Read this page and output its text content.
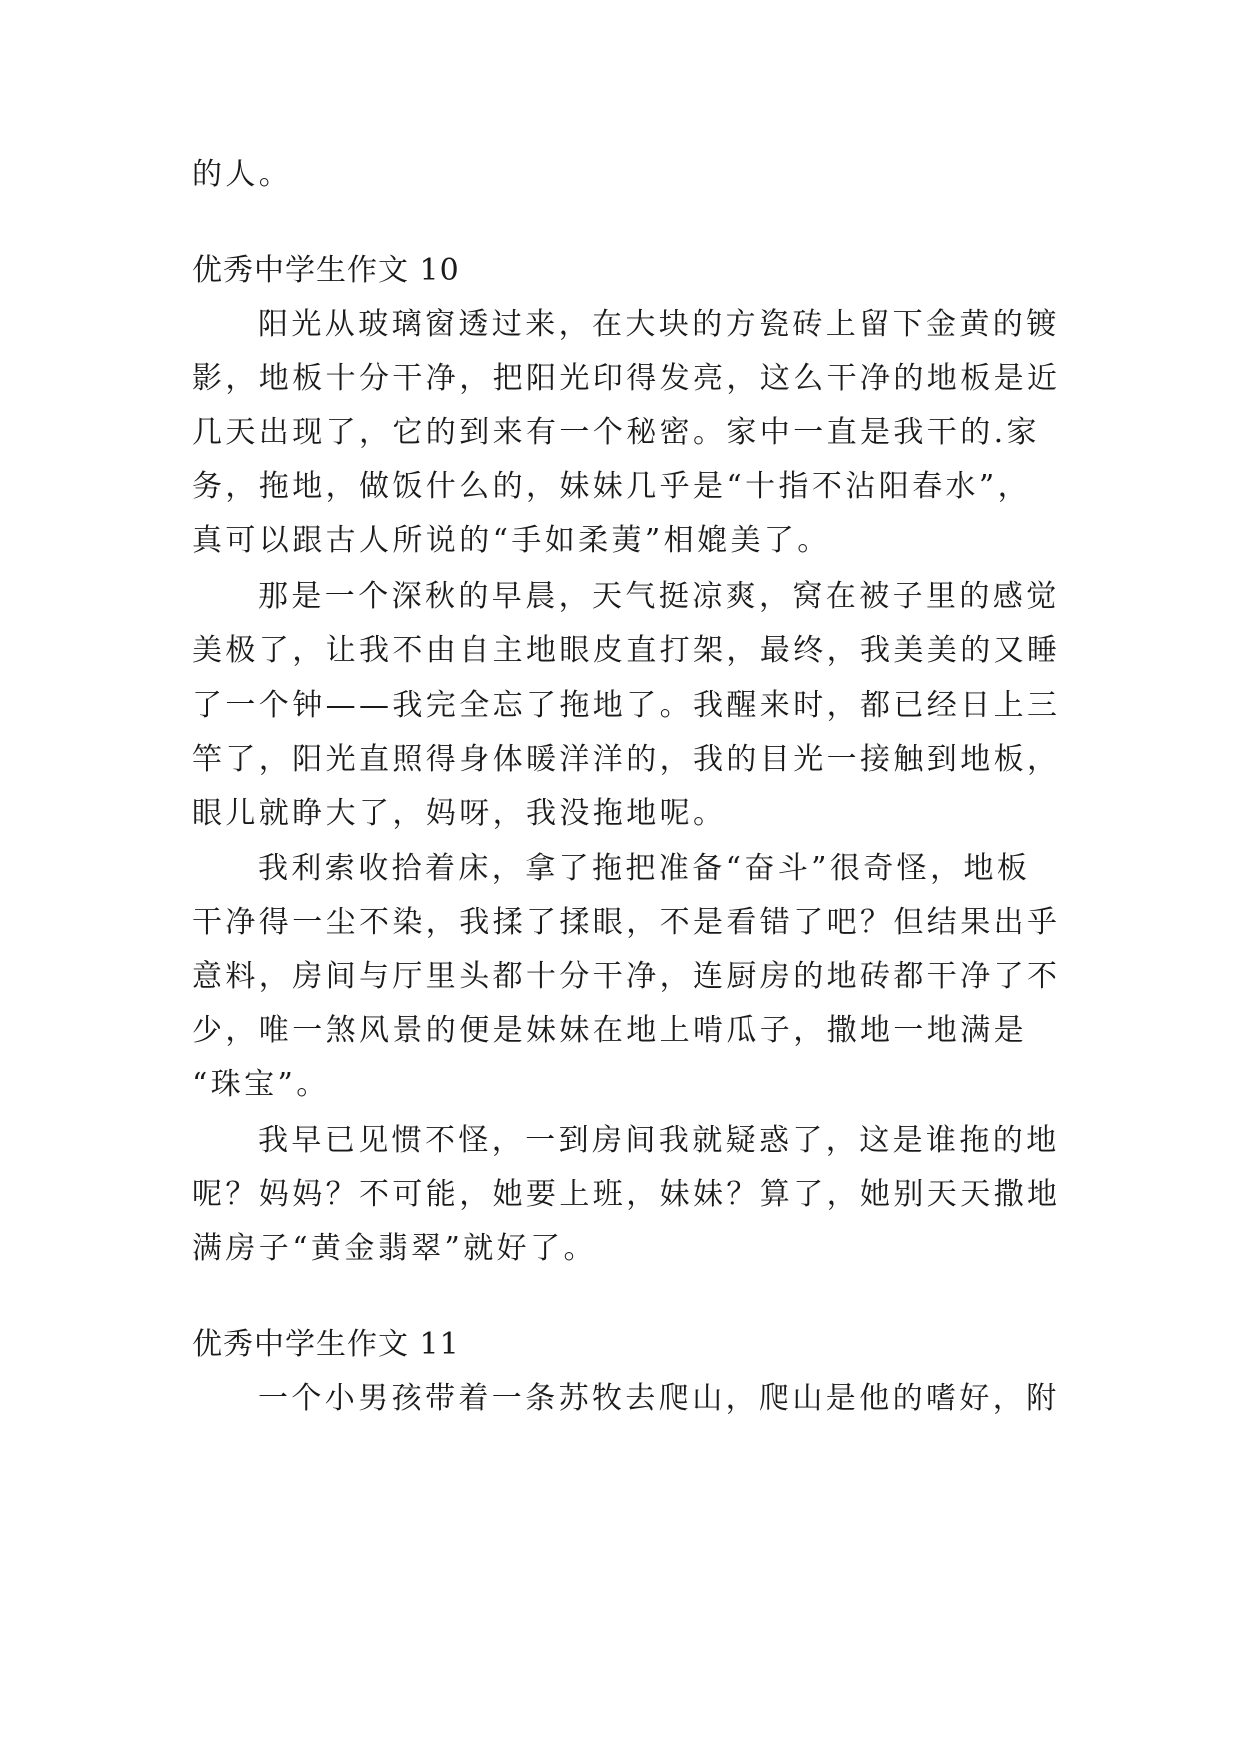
的人。
优秀中学生作文 10
阳光从玻璃窗透过来，在大块的方瓷砖上留下金黄的镀
影，地板十分干净，把阳光印得发亮，这么干净的地板是近
几天出现了，它的到来有一个秘密。家中一直是我干的.家
务，拖地，做饭什么的，妹妹几乎是“十指不沾阳春水”，
真可以跟古人所说的“手如柔荑”相媲美了。
那是一个深秋的早晨，天气挺凉爽，窝在被子里的感觉
美极了，让我不由自主地眼皮直打架，最终，我美美的又睡
了一个钟——我完全忘了拖地了。我醒来时，都已经日上三
竿了，阳光直照得身体暖洋洋的，我的目光一接触到地板，
眼儿就睁大了，妈呀，我没拖地呢。
我利索收拾着床，拿了拖把准备“奋斗”很奇怪，地板
干净得一尘不染，我揉了揉眼，不是看错了吧？但结果出乎
意料，房间与厅里头都十分干净，连厨房的地砖都干净了不
少，唯一煞风景的便是妹妹在地上啃瓜子，撒地一地满是
“珠宝”。
我早已见惯不怪，一到房间我就疑惑了，这是谁拖的地
呢？妈妈？不可能，她要上班，妹妹？算了，她别天天撒地
满房子“黄金翡翠”就好了。
优秀中学生作文 11
一个小男孩带着一条苏牧去爬山，爬山是他的嗜好，附
